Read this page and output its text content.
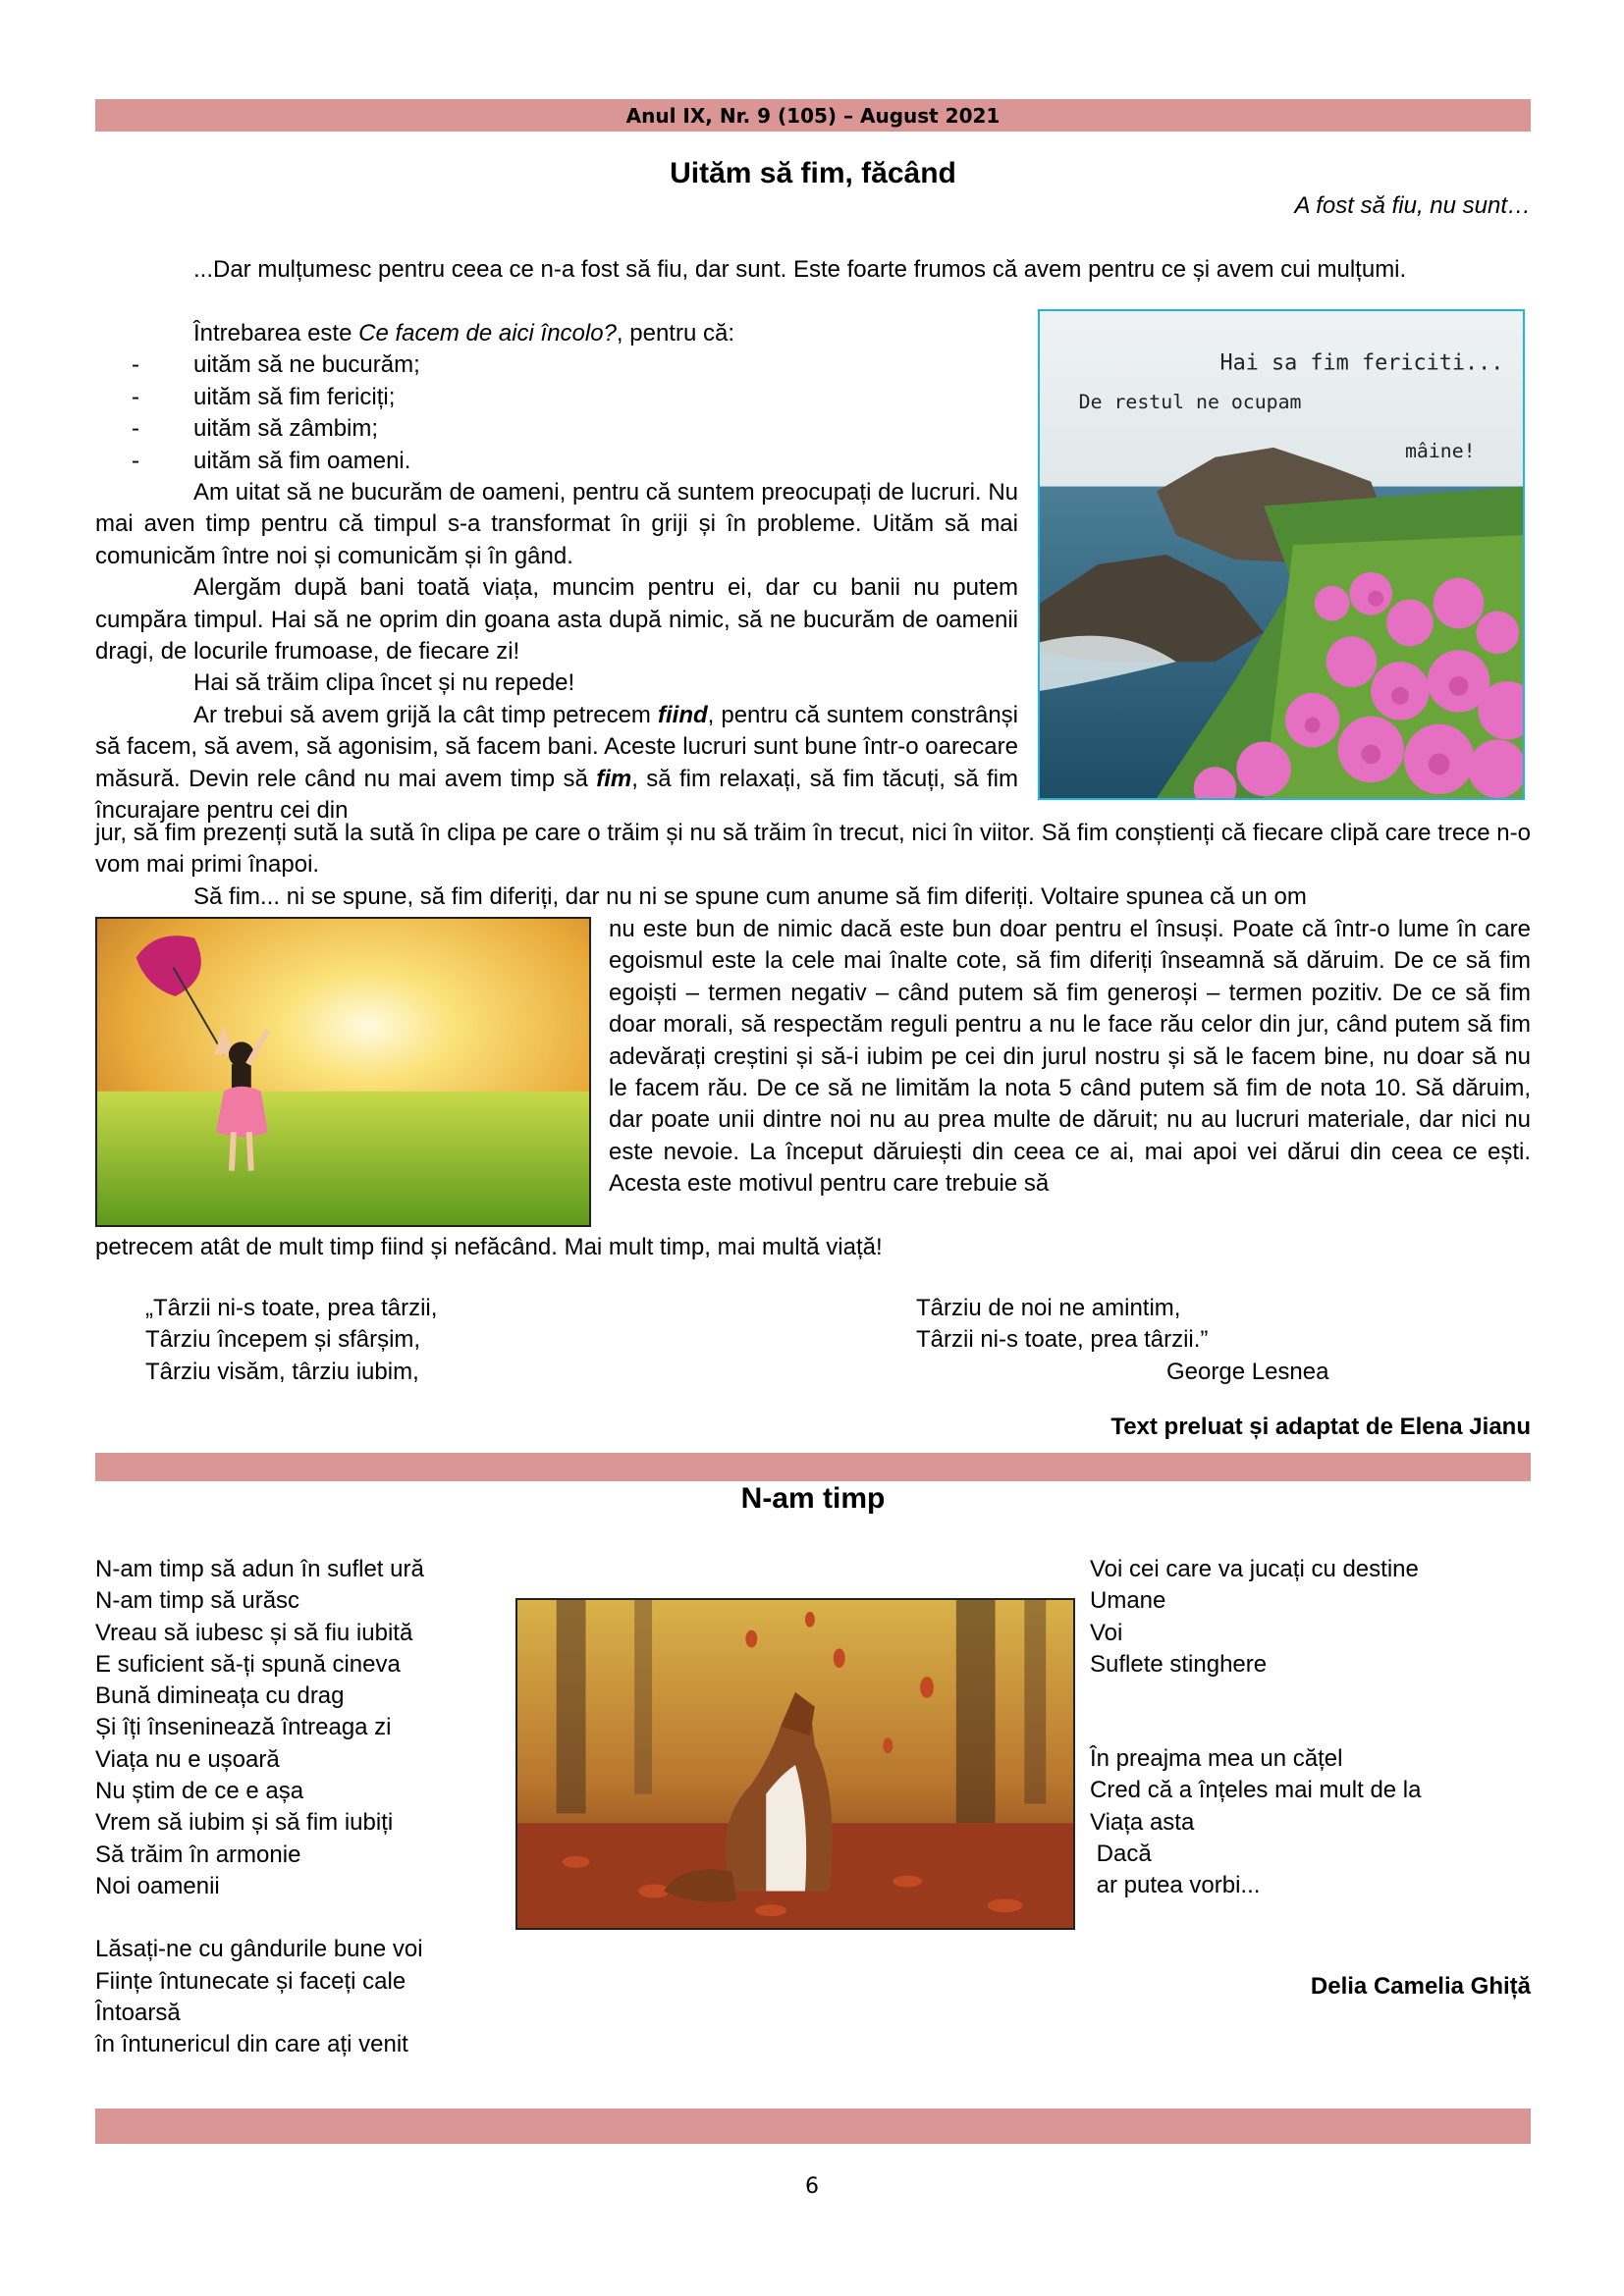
Anul IX, Nr. 9 (105) – August 2021
Uităm să fim, făcând
A fost să fiu, nu sunt…
Hai sa fim fericiti...
De restul ne ocupam
mâine!

...Dar mulțumesc pentru ceea ce n-a fost să fiu, dar sunt. Este foarte frumos că avem pentru ce și avem cui mulțumi.

Întrebarea este Ce facem de aici încolo?, pentru că:

- uităm să ne bucurăm;
- uităm să fim fericiți;
- uităm să zâmbim;
- uităm să fim oameni.

Am uitat să ne bucurăm de oameni, pentru că suntem preocupați de lucruri. Nu mai aven timp pentru că timpul s-a transformat în griji și în probleme. Uităm să mai comunicăm între noi și comunicăm și în gând.

Alergăm după bani toată viața, muncim pentru ei, dar cu banii nu putem cumpăra timpul. Hai să ne oprim din goana asta după nimic, să ne bucurăm de oamenii dragi, de locurile frumoase, de fiecare zi!

Hai să trăim clipa încet și nu repede!

Ar trebui să avem grijă la cât timp petrecem fiind, pentru că suntem constrânși să facem, să avem, să agonisim, să facem bani. Aceste lucruri sunt bune într-o oarecare măsură. Devin rele când nu mai avem timp să fim, să fim relaxați, să fim tăcuți, să fim încurajare pentru cei din

jur, să fim prezenți sută la sută în clipa pe care o trăim și nu să trăim în trecut, nici în viitor. Să fim conștienți că fiecare clipă care trece n-o vom mai primi înapoi.

Să fim... ni se spune, să fim diferiți, dar nu ni se spune cum anume să fim diferiți. Voltaire spunea că un om

nu este bun de nimic dacă este bun doar pentru el însuși. Poate că într-o lume în care egoismul este la cele mai înalte cote, să fim diferiți înseamnă să dăruim. De ce să fim egoiști – termen negativ – când putem să fim generoși – termen pozitiv. De ce să fim doar morali, să respectăm reguli pentru a nu le face rău celor din jur, când putem să fim adevărați creștini și să-i iubim pe cei din jurul nostru și să le facem bine, nu doar să nu le facem rău. De ce să ne limităm la nota 5 când putem să fim de nota 10. Să dăruim, dar poate unii dintre noi nu au prea multe de dăruit; nu au lucruri materiale, dar nici nu este nevoie. La început dăruiești din ceea ce ai, mai apoi vei dărui din ceea ce ești. Acesta este motivul pentru care trebuie să

petrecem atât de mult timp fiind și nefăcând. Mai mult timp, mai multă viață!

„Târzii ni-s toate, prea târzii,
Târziu începem și sfârșim,
Târziu visăm, târziu iubim,
Târziu de noi ne amintim,
Târzii ni-s toate, prea târzii.”
George Lesnea
Text preluat și adaptat de Elena Jianu
N-am timp
N-am timp să adun în suflet ură
N-am timp să urăsc
Vreau să iubesc și să fiu iubită
E suficient să-ți spună cineva
Bună dimineața cu drag
Și îți înseninează întreaga zi
Viața nu e ușoară
Nu știm de ce e așa
Vrem să iubim și să fim iubiți
Să trăim în armonie
Noi oamenii
Lăsați-ne cu gândurile bune voi
Ființe întunecate și faceți cale
Întoarsă
în întunericul din care ați venit
Voi cei care va jucați cu destine
Umane
Voi
Suflete stinghere
În preajma mea un cățel
Cred că a înțeles mai mult de la
Viața asta
Dacă
ar putea vorbi...
Delia Camelia Ghiță
6
